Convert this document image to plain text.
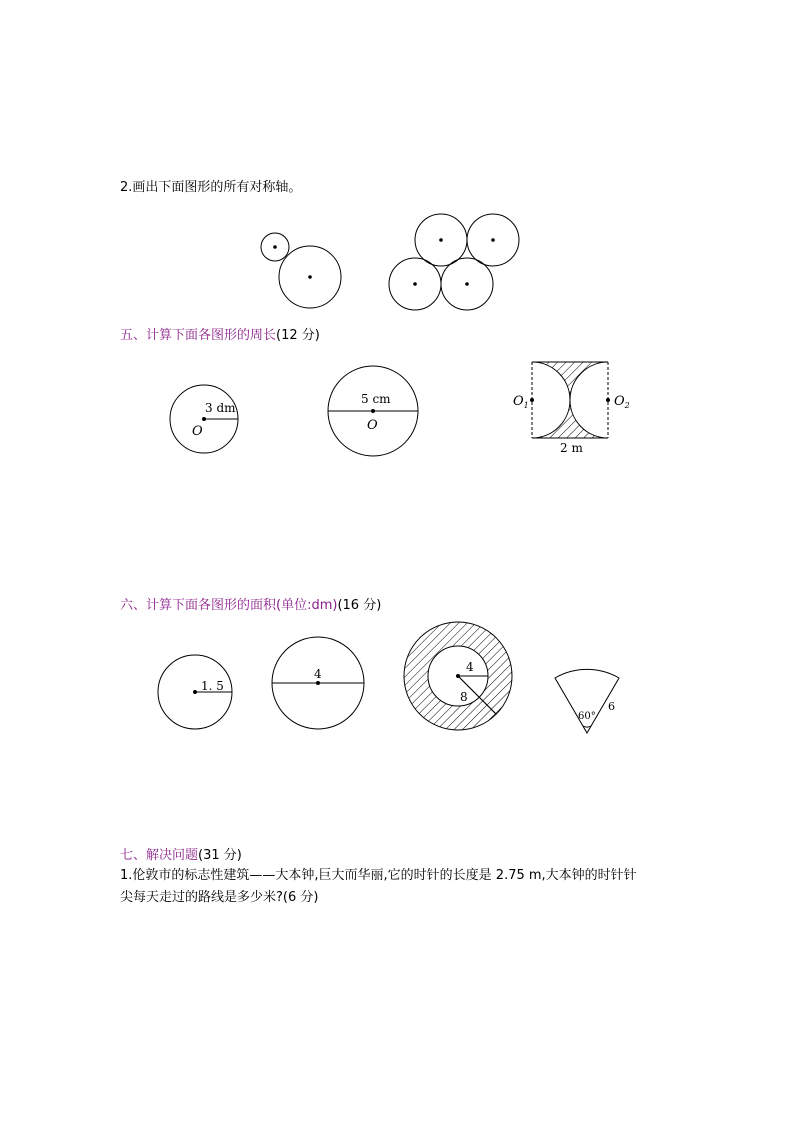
2.画出下面图形的所有对称轴。
五、计算下面各图形的周长(12 分)
3 dm
O
5 cm
O
$O_1$	$O_2$
2 m
六、计算下面各图形的面积(单位:dm)(16 分)
1. 5
4	4
8
60°
6
七、解决问题(31 分)
1.伦敦市的标志性建筑——大本钟,巨大而华丽,它的时针的长度是 2.75 m,大本钟的时针针
尖每天走过的路线是多少米?(6 分)
